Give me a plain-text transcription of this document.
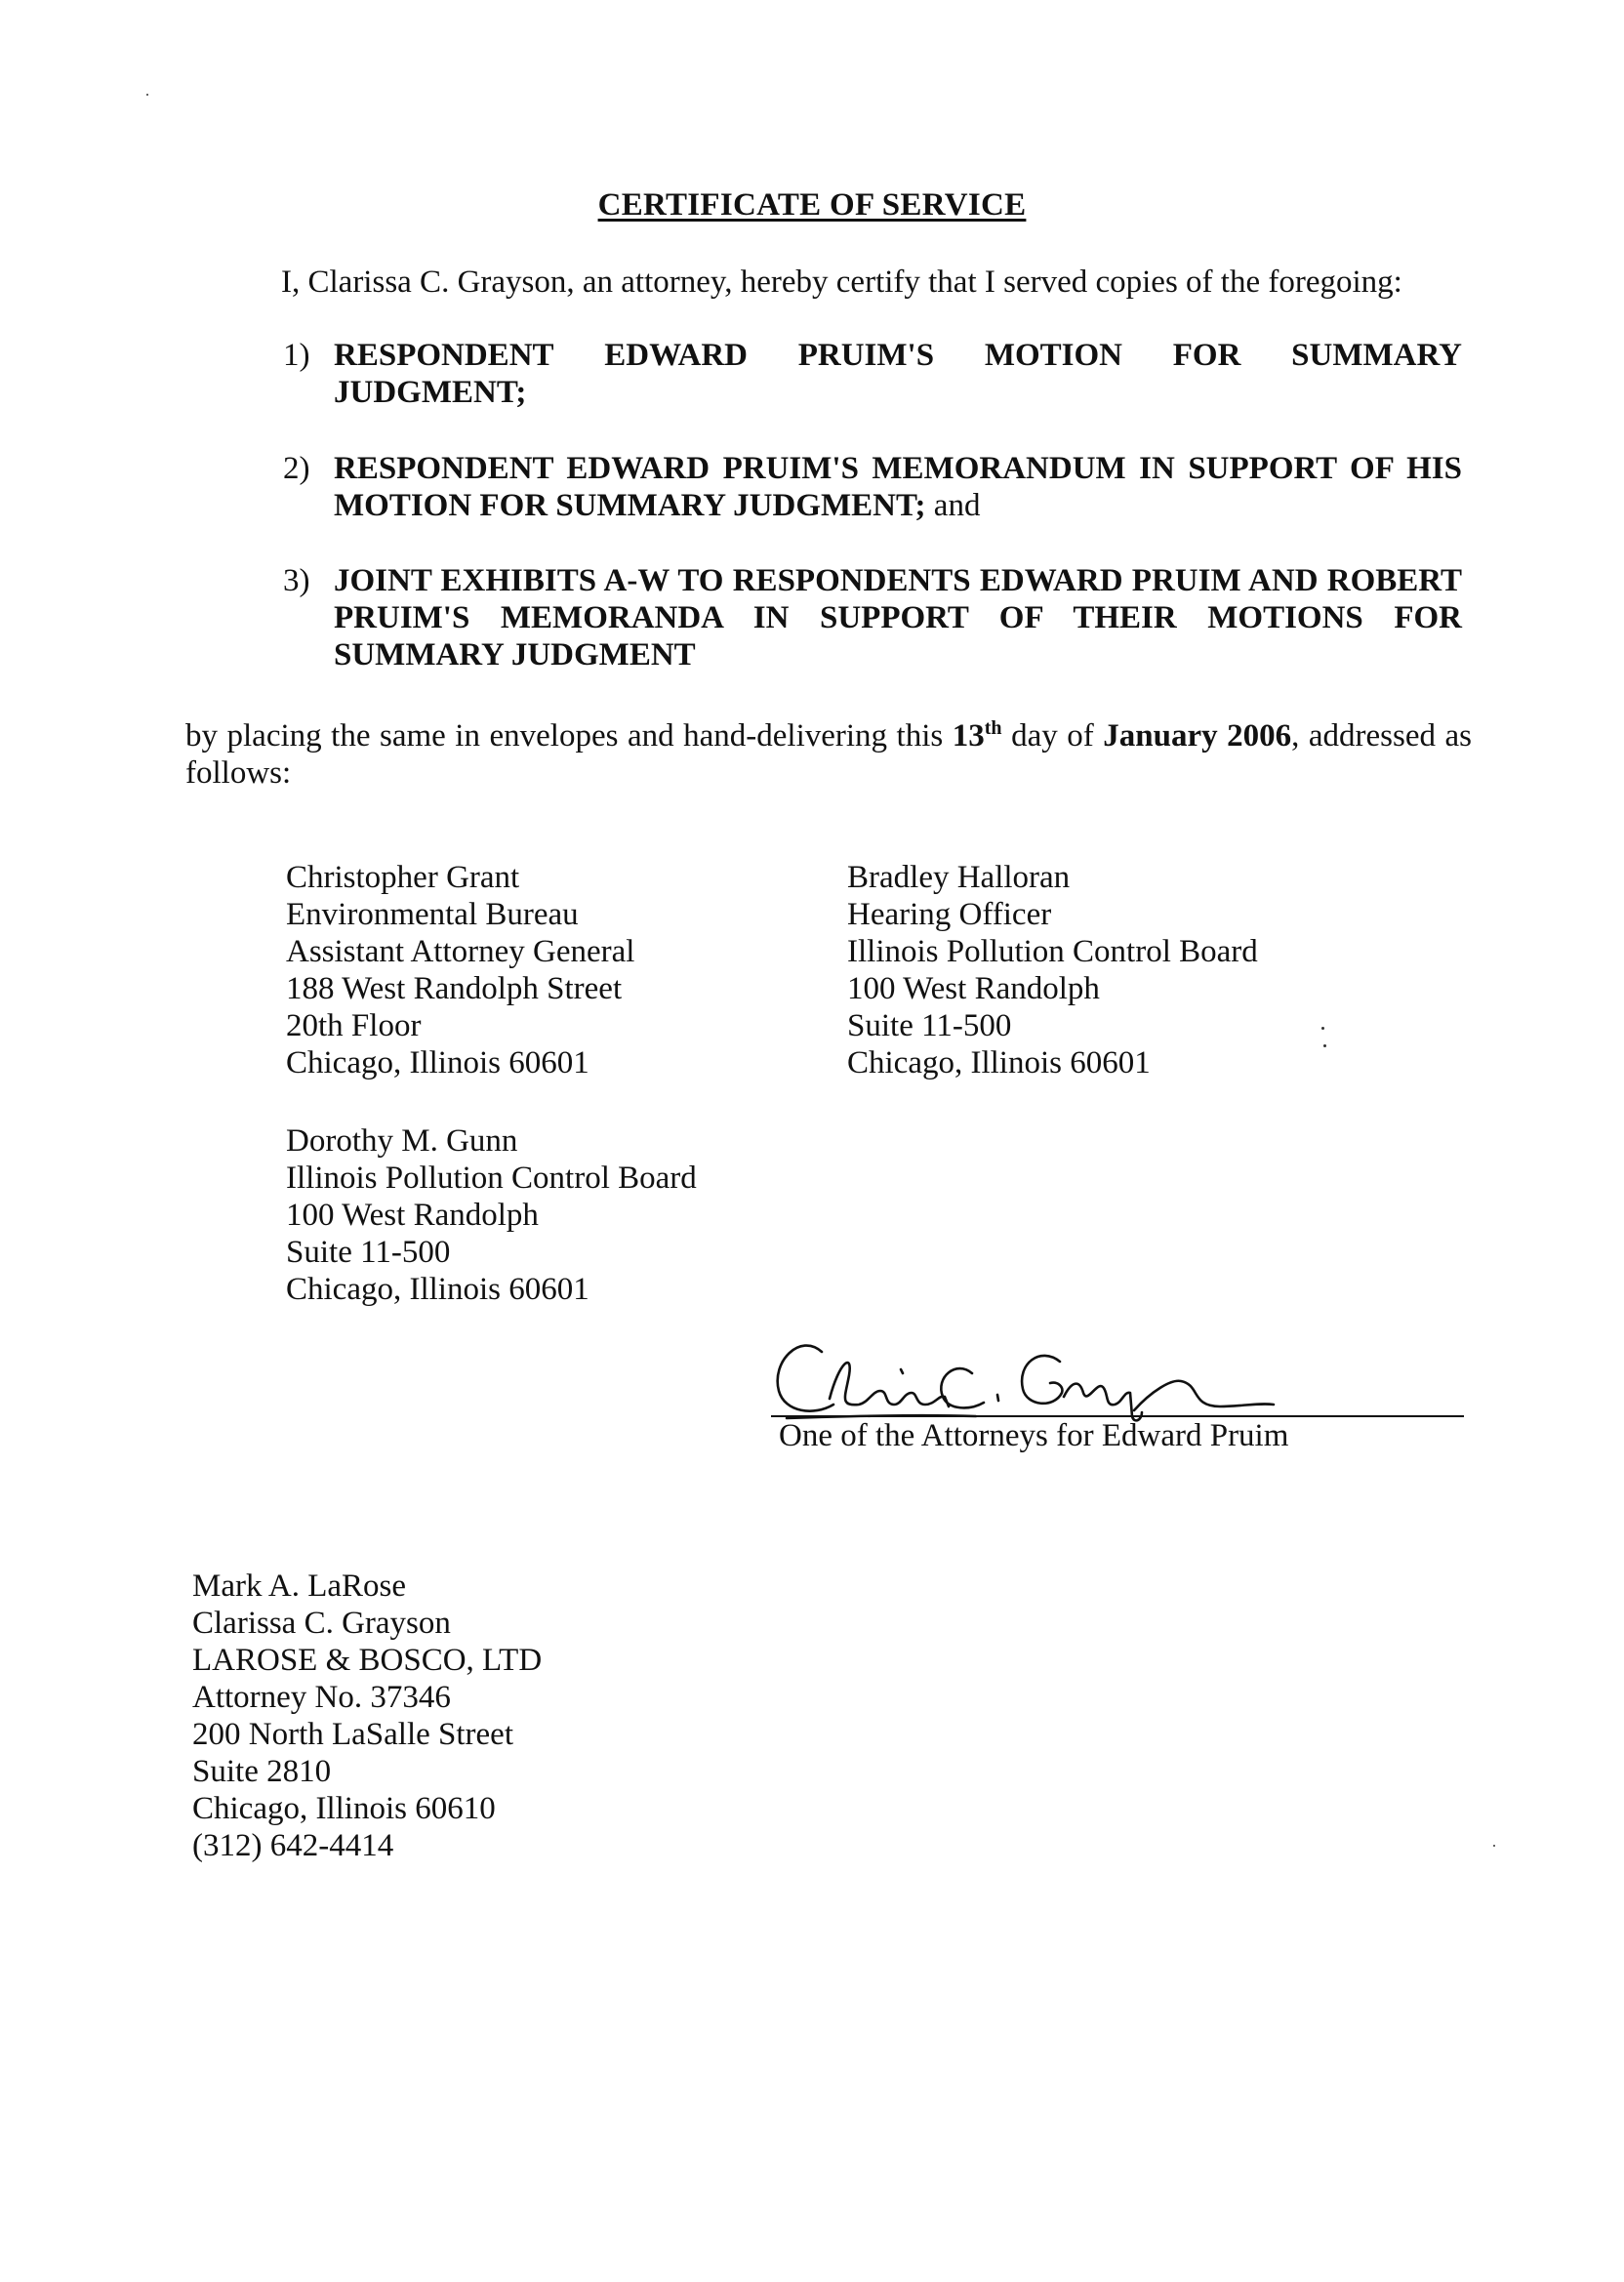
CERTIFICATE OF SERVICE
I, Clarissa C. Grayson, an attorney, hereby certify that I served copies of the foregoing:
1) RESPONDENT EDWARD PRUIM'S MOTION FOR SUMMARY
JUDGMENT;
2) RESPONDENT EDWARD PRUIM'S MEMORANDUM IN SUPPORT OF HIS MOTION FOR SUMMARY JUDGMENT; and
3) JOINT EXHIBITS A-W TO RESPONDENTS EDWARD PRUIM AND ROBERT PRUIM'S MEMORANDA IN SUPPORT OF THEIR MOTIONS FOR SUMMARY JUDGMENT
by placing the same in envelopes and hand-delivering this 13th day of January 2006, addressed as follows:
Christopher Grant
Environmental Bureau
Assistant Attorney General
188 West Randolph Street
20th Floor
Chicago, Illinois 60601
Bradley Halloran
Hearing Officer
Illinois Pollution Control Board
100 West Randolph
Suite 11-500
Chicago, Illinois 60601
Dorothy M. Gunn
Illinois Pollution Control Board
100 West Randolph
Suite 11-500
Chicago, Illinois 60601
One of the Attorneys for Edward Pruim
Mark A. LaRose
Clarissa C. Grayson
LAROSE & BOSCO, LTD
Attorney No. 37346
200 North LaSalle Street
Suite 2810
Chicago, Illinois 60610
(312) 642-4414
